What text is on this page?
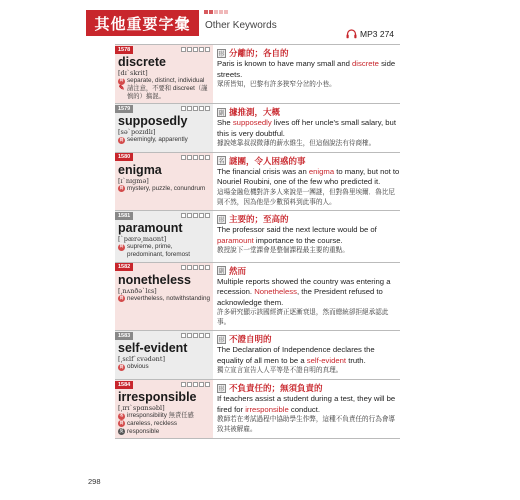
其他重要字彙	Other Keywords
MP3 274
1578
discrete
[dɪˋskrit]
同 separate, distinct, individual
✎ 請注意，不要和 discreet（謹慎的）搞混。
形 分離的；各自的
Paris is known to have many small and discrete side streets.
眾所皆知，巴黎有許多狹窄分岔的小巷。
1579
supposedly
[səˋpozɪdlɪ]
同 seemingly, apparently
副 據推測，大概
She supposedly lives off her uncle's small salary, but this is very doubtful.
據說她靠叔叔微薄的薪水維生，但這個說法有待商榷。
1580
enigma
[ɪˋnɪgmə]
同 mystery, puzzle, conundrum
名 謎團，令人困惑的事
The financial crisis was an enigma to many, but not to Nouriel Roubini, one of the few who predicted it.
這場金融危機對許多人來說是一團謎，但對魯里埃爾．魯比尼則不然，因為他是少數預料到此事的人。
1581
paramount
[ˋpærə͵maʊnt]
同 supreme, prime, predominant, foremost
形 主要的；至高的
The professor said the next lecture would be of paramount importance to the course.
教授說下一堂課會是整個課程最主要的重點。
1582
nonetheless
[͵nʌnðəˋlɛs]
同 nevertheless, notwithstanding
副 然而
Multiple reports showed the country was entering a recession. Nonetheless, the President refused to acknowledge them.
許多研究顯示該國經濟正逐漸衰退，然而總統卻拒絕承認此事。
1583
self-evident
[͵sɛlfˋɛvədənt]
同 obvious
形 不證自明的
The Declaration of Independence declares the equality of all men to be a self-evident truth.
獨立宣言宣告人人平等是不證自明的真理。
1584
irresponsible
[͵ɪrɪˋspɑnsəbl]
名 irresponsibility 無責任感
同 careless, reckless
反 responsible
形 不負責任的；無須負責的
If teachers assist a student during a test, they will be fired for irresponsible conduct.
教師若在考試過程中協助學生作弊，這種不負責任的行為會導致其被解雇。
298
